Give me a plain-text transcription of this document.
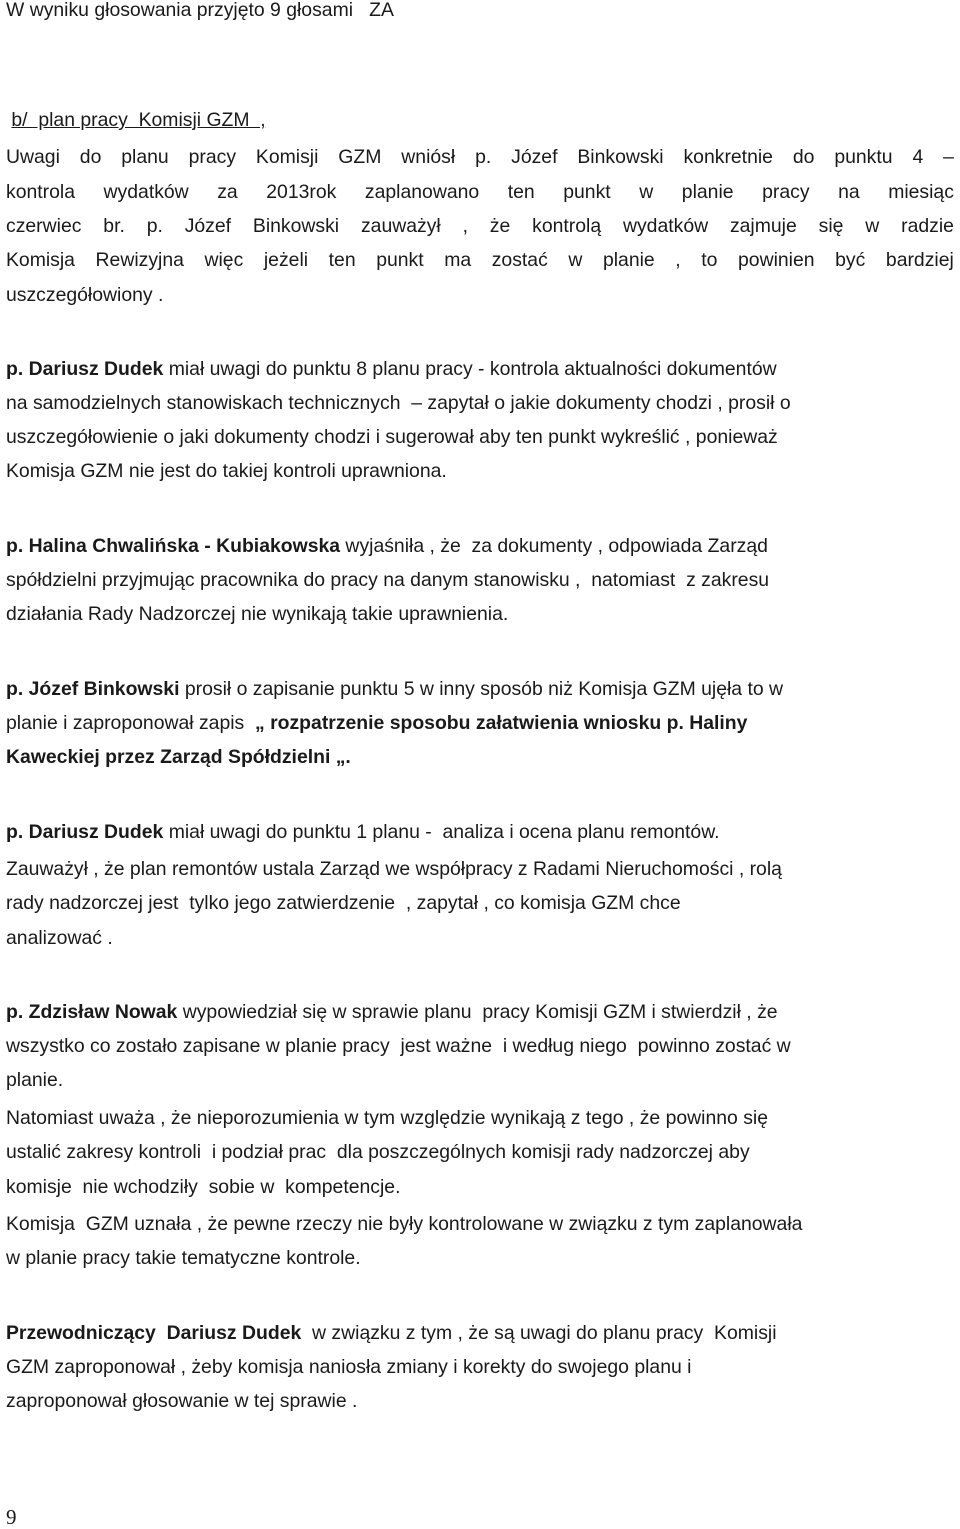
W wyniku głosowania przyjęto 9 głosami   ZA
b/  plan pracy  Komisji GZM  ,
Uwagi do planu pracy Komisji GZM wniósł p. Józef Binkowski konkretnie do punktu 4 –
kontrola wydatków za 2013rok zaplanowano ten punkt w planie pracy na miesiąc
czerwiec br. p. Józef Binkowski zauważył , że kontrolą wydatków zajmuje się w radzie
Komisja Rewizyjna więc jeżeli ten punkt ma zostać w planie , to powinien być bardziej
uszczegółowiony .
p. Dariusz Dudek miał uwagi do punktu 8 planu pracy - kontrola aktualności dokumentów
na samodzielnych stanowiskach technicznych  – zapytał o jakie dokumenty chodzi , prosił o
uszczegółowienie o jaki dokumenty chodzi i sugerował aby ten punkt wykreślić , ponieważ
Komisja GZM nie jest do takiej kontroli uprawniona.
p. Halina Chwalińska - Kubiakowska wyjaśniła , że  za dokumenty , odpowiada Zarząd
spółdzielni przyjmując pracownika do pracy na danym stanowisku ,  natomiast  z zakresu
działania Rady Nadzorczej nie wynikają takie uprawnienia.
p. Józef Binkowski prosił o zapisanie punktu 5 w inny sposób niż Komisja GZM ujęła to w
planie i zaproponował zapis  „ rozpatrzenie sposobu załatwienia wniosku p. Haliny
Kaweckiej przez Zarząd Spółdzielni „.
p. Dariusz Dudek miał uwagi do punktu 1 planu -  analiza i ocena planu remontów.
Zauważył , że plan remontów ustala Zarząd we współpracy z Radami Nieruchomości , rolą
rady nadzorczej jest  tylko jego zatwierdzenie  , zapytał , co komisja GZM chce
analizować .
p. Zdzisław Nowak wypowiedział się w sprawie planu  pracy Komisji GZM i stwierdził , że
wszystko co zostało zapisane w planie pracy  jest ważne  i według niego  powinno zostać w
planie.
Natomiast uważa , że nieporozumienia w tym względzie wynikają z tego , że powinno się
ustalić zakresy kontroli  i podział prac  dla poszczególnych komisji rady nadzorczej aby
komisje  nie wchodziły  sobie w  kompetencje.
Komisja  GZM uznała , że pewne rzeczy nie były kontrolowane w związku z tym zaplanowała
w planie pracy takie tematyczne kontrole.
Przewodniczący  Dariusz Dudek  w związku z tym , że są uwagi do planu pracy  Komisji
GZM zaproponował , żeby komisja naniosła zmiany i korekty do swojego planu i
zaproponował głosowanie w tej sprawie .
9
